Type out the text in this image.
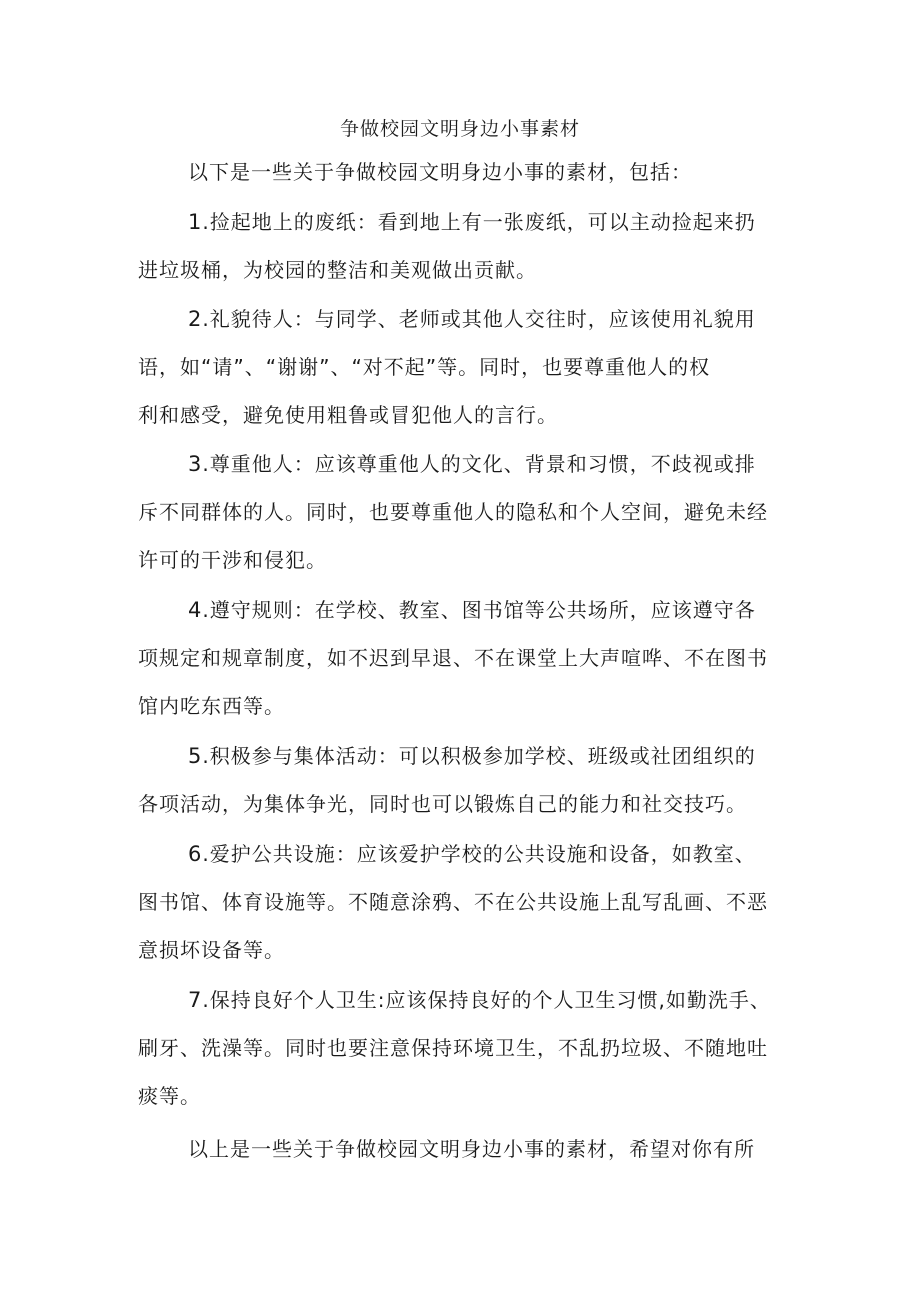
争做校园文明身边小事素材
以下是一些关于争做校园文明身边小事的素材，包括：
1.捡起地上的废纸：看到地上有一张废纸，可以主动捡起来扔
进垃圾桶，为校园的整洁和美观做出贡献。
2.礼貌待人：与同学、老师或其他人交往时，应该使用礼貌用
语，如“请”、“谢谢”、“对不起”等。同时，也要尊重他人的权
利和感受，避免使用粗鲁或冒犯他人的言行。
3.尊重他人：应该尊重他人的文化、背景和习惯，不歧视或排
斥不同群体的人。同时，也要尊重他人的隐私和个人空间，避免未经
许可的干涉和侵犯。
4.遵守规则：在学校、教室、图书馆等公共场所，应该遵守各
项规定和规章制度，如不迟到早退、不在课堂上大声喧哗、不在图书
馆内吃东西等。
5.积极参与集体活动：可以积极参加学校、班级或社团组织的
各项活动，为集体争光，同时也可以锻炼自己的能力和社交技巧。
6.爱护公共设施：应该爱护学校的公共设施和设备，如教室、
图书馆、体育设施等。不随意涂鸦、不在公共设施上乱写乱画、不恶
意损坏设备等。
7.保持良好个人卫生:应该保持良好的个人卫生习惯,如勤洗手、
刷牙、洗澡等。同时也要注意保持环境卫生，不乱扔垃圾、不随地吐
痰等。
以上是一些关于争做校园文明身边小事的素材，希望对你有所
